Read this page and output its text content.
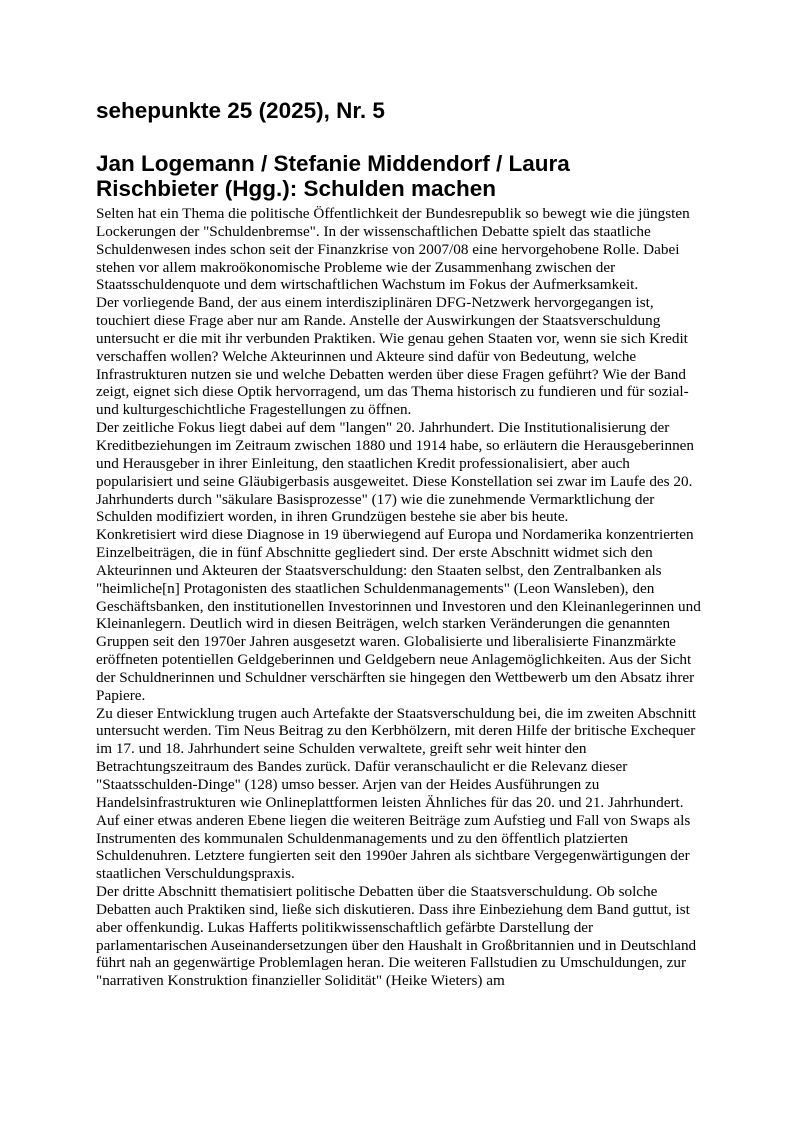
sehepunkte 25 (2025), Nr. 5
Jan Logemann / Stefanie Middendorf / Laura Rischbieter (Hgg.): Schulden machen

Selten hat ein Thema die politische Öffentlichkeit der Bundesrepublik so bewegt wie die jüngsten Lockerungen der "Schuldenbremse". In der wissenschaftlichen Debatte spielt das staatliche Schuldenwesen indes schon seit der Finanzkrise von 2007/08 eine hervorgehobene Rolle. Dabei stehen vor allem makroökonomische Probleme wie der Zusammenhang zwischen der Staatsschuldenquote und dem wirtschaftlichen Wachstum im Fokus der Aufmerksamkeit.

Der vorliegende Band, der aus einem interdisziplinären DFG-Netzwerk hervorgegangen ist, touchiert diese Frage aber nur am Rande. Anstelle der Auswirkungen der Staatsverschuldung untersucht er die mit ihr verbunden Praktiken. Wie genau gehen Staaten vor, wenn sie sich Kredit verschaffen wollen? Welche Akteurinnen und Akteure sind dafür von Bedeutung, welche Infrastrukturen nutzen sie und welche Debatten werden über diese Fragen geführt? Wie der Band zeigt, eignet sich diese Optik hervorragend, um das Thema historisch zu fundieren und für sozial- und kulturgeschichtliche Fragestellungen zu öffnen.

Der zeitliche Fokus liegt dabei auf dem "langen" 20. Jahrhundert. Die Institutionalisierung der Kreditbeziehungen im Zeitraum zwischen 1880 und 1914 habe, so erläutern die Herausgeberinnen und Herausgeber in ihrer Einleitung, den staatlichen Kredit professionalisiert, aber auch popularisiert und seine Gläubigerbasis ausgeweitet. Diese Konstellation sei zwar im Laufe des 20. Jahrhunderts durch "säkulare Basisprozesse" (17) wie die zunehmende Vermarktlichung der Schulden modifiziert worden, in ihren Grundzügen bestehe sie aber bis heute.

Konkretisiert wird diese Diagnose in 19 überwiegend auf Europa und Nordamerika konzentrierten Einzelbeiträgen, die in fünf Abschnitte gegliedert sind. Der erste Abschnitt widmet sich den Akteurinnen und Akteuren der Staatsverschuldung: den Staaten selbst, den Zentralbanken als "heimliche[n] Protagonisten des staatlichen Schuldenmanagements" (Leon Wansleben), den Geschäftsbanken, den institutionellen Investorinnen und Investoren und den Kleinanlegerinnen und Kleinanlegern. Deutlich wird in diesen Beiträgen, welch starken Veränderungen die genannten Gruppen seit den 1970er Jahren ausgesetzt waren. Globalisierte und liberalisierte Finanzmärkte eröffneten potentiellen Geldgeberinnen und Geldgebern neue Anlagemöglichkeiten. Aus der Sicht der Schuldnerinnen und Schuldner verschärften sie hingegen den Wettbewerb um den Absatz ihrer Papiere.

Zu dieser Entwicklung trugen auch Artefakte der Staatsverschuldung bei, die im zweiten Abschnitt untersucht werden. Tim Neus Beitrag zu den Kerbhölzern, mit deren Hilfe der britische Exchequer im 17. und 18. Jahrhundert seine Schulden verwaltete, greift sehr weit hinter den Betrachtungszeitraum des Bandes zurück. Dafür veranschaulicht er die Relevanz dieser "Staatsschulden-Dinge" (128) umso besser. Arjen van der Heides Ausführungen zu Handelsinfrastrukturen wie Onlineplattformen leisten Ähnliches für das 20. und 21. Jahrhundert. Auf einer etwas anderen Ebene liegen die weiteren Beiträge zum Aufstieg und Fall von Swaps als Instrumenten des kommunalen Schuldenmanagements und zu den öffentlich platzierten Schuldenuhren. Letztere fungierten seit den 1990er Jahren als sichtbare Vergegenwärtigungen der staatlichen Verschuldungspraxis.

Der dritte Abschnitt thematisiert politische Debatten über die Staatsverschuldung. Ob solche Debatten auch Praktiken sind, ließe sich diskutieren. Dass ihre Einbeziehung dem Band guttut, ist aber offenkundig. Lukas Hafferts politikwissenschaftlich gefärbte Darstellung der parlamentarischen Auseinandersetzungen über den Haushalt in Großbritannien und in Deutschland führt nah an gegenwärtige Problemlagen heran. Die weiteren Fallstudien zu Umschuldungen, zur "narrativen Konstruktion finanzieller Solidität" (Heike Wieters) am
